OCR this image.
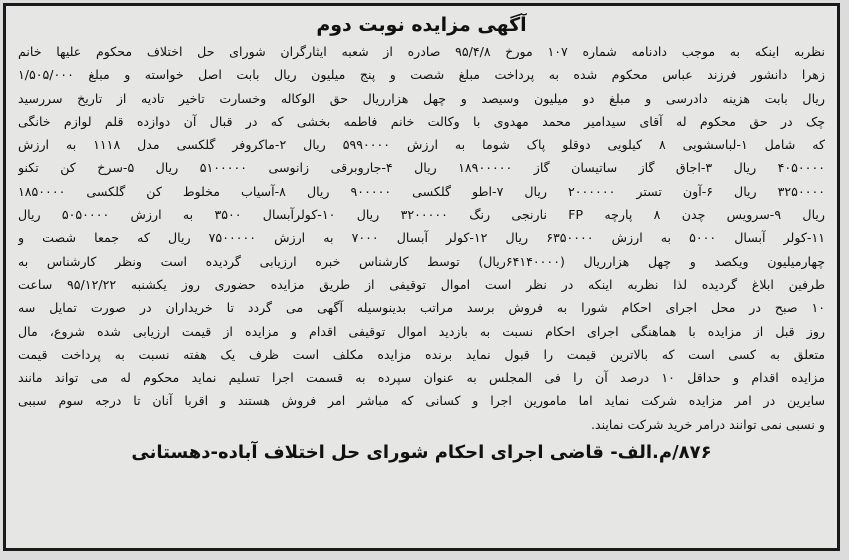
آگهی مزایده نوبت دوم
نظربه اینکه به موجب دادنامه شماره ۱۰۷ مورخ ۹۵/۴/۸ صادره از شعبه ایثارگران شورای حل اختلاف محکوم علیها خانم
زهرا دانشور فرزند عباس محکوم شده به پرداخت مبلغ شصت و پنج میلیون ریال بابت اصل خواسته و مبلغ ۱/۵۰۵/۰۰۰
ریال بابت هزینه دادرسی و مبلغ دو میلیون وسیصد و چهل هزارریال حق الوکاله وخسارت تاخیر تادیه از تاریخ سررسید
چک در حق محکوم له آقای سیدامیر محمد مهدوی با وکالت خانم فاطمه بخشی که در قبال آن دوازده قلم لوازم خانگی
که شامل ۱-لباسشویی ۸ کیلویی دوقلو پاک شوما به ارزش ۵۹۹۰۰۰۰ ریال ۲-ماکروفر گلکسی مدل ۱۱۱۸ به ارزش
۴۰۵۰۰۰۰ ریال ۳-اجاق گاز ساتیسان گاز ۱۸۹۰۰۰۰۰ ریال ۴-جاروبرقی زانوسی ۵۱۰۰۰۰۰ ریال ۵-سرخ کن تکنو
۳۲۵۰۰۰۰ ریال ۶-آون تستر ۲۰۰۰۰۰۰ ریال ۷-اطو گلکسی ۹۰۰۰۰۰ ریال ۸-آسیاب مخلوط کن گلکسی ۱۸۵۰۰۰۰
ریال ۹-سرویس چدن ۸ پارچه FP نارنجی رنگ ۳۲۰۰۰۰۰ ریال ۱۰-کولرآبسال ۳۵۰۰ به ارزش ۵۰۵۰۰۰۰ ریال
۱۱-کولر آبسال ۵۰۰۰ به ارزش ۶۳۵۰۰۰۰ ریال ۱۲-کولر آبسال ۷۰۰۰ به ارزش ۷۵۰۰۰۰۰ ریال که جمعا شصت و
چهارمیلیون ویکصد و چهل هزارریال (۶۴۱۴۰۰۰۰ریال) توسط کارشناس خبره ارزیابی گردیده است ونظر کارشناس به
طرفین ابلاغ گردیده لذا نظربه اینکه در نظر است اموال توقیفی از طریق مزایده حضوری روز یکشنبه ۹۵/۱۲/۲۲ ساعت
۱۰ صبح در محل اجرای احکام شورا به فروش برسد مراتب بدینوسیله آگهی می گردد تا خریداران در صورت تمایل سه
روز قبل از مزایده با هماهنگی اجرای احکام نسبت به بازدید اموال توقیفی اقدام و مزایده از قیمت ارزیابی شده شروع، مال
متعلق به کسی است که بالاترین قیمت را قبول نماید برنده مزایده مکلف است ظرف یک هفته نسبت به پرداخت قیمت
مزایده اقدام و حداقل ۱۰ درصد آن را فی المجلس به عنوان سپرده به قسمت اجرا تسلیم نماید محکوم له می تواند مانند
سایرین در امر مزایده شرکت نماید اما مامورین اجرا و کسانی که مباشر امر فروش هستند و اقربا آنان تا درجه سوم سببی
و نسبی نمی توانند درامر خرید شرکت نمایند.
۸۷۶/م.الف- قاضی اجرای احکام شورای حل اختلاف آباده-دهستانی
